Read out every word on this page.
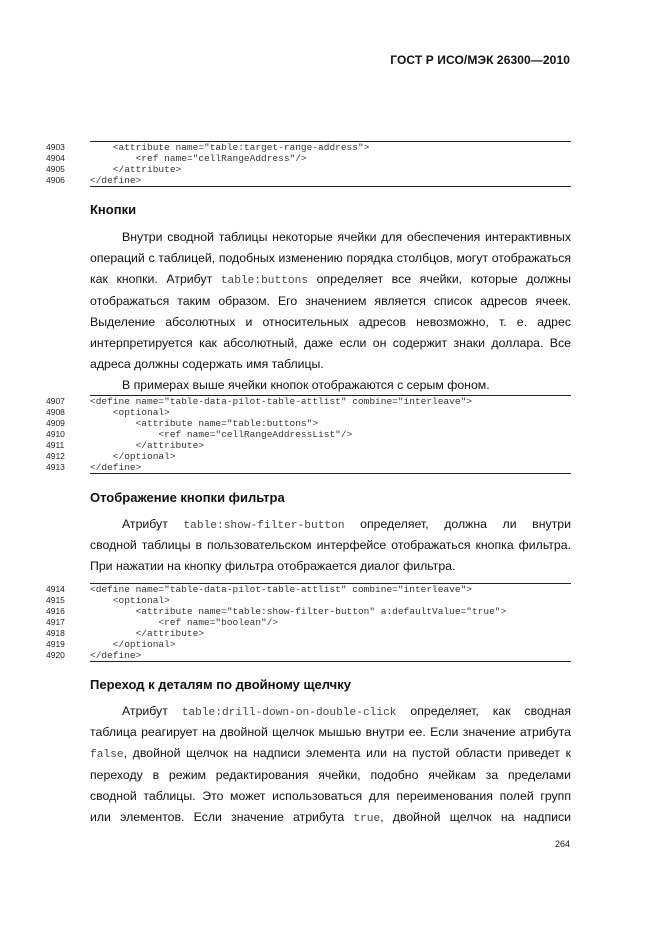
ГОСТ Р ИСО/МЭК 26300—2010
4903	<attribute name="table:target-range-address">
4904	<ref name="cellRangeAddress"/>
4905	</attribute>
4906	</define>
Кнопки
Внутри сводной таблицы некоторые ячейки для обеспечения интерактивных
операций с таблицей, подобных изменению порядка столбцов, могут отображаться
как кнопки. Атрибут table:buttons определяет все ячейки, которые должны
отображаться таким образом. Его значением является список адресов ячеек.
Выделение абсолютных и относительных адресов невозможно, т. е. адрес
интерпретируется как абсолютный, даже если он содержит знаки доллара. Все
адреса должны содержать имя таблицы.
В примерах выше ячейки кнопок отображаются с серым фоном.
4907	<define name="table-data-pilot-table-attlist" combine="interleave">
4908	<optional>
4909	<attribute name="table:buttons">
4910	<ref name="cellRangeAddressList"/>
4911	</attribute>
4912	</optional>
4913	</define>
Отображение кнопки фильтра
Атрибут table:show-filter-button определяет, должна ли внутри
сводной таблицы в пользовательском интерфейсе отображаться кнопка фильтра.
При нажатии на кнопку фильтра отображается диалог фильтра.
4914	<define name="table-data-pilot-table-attlist" combine="interleave">
4915	<optional>
4916	<attribute name="table:show-filter-button" a:defaultValue="true">
4917	<ref name="boolean"/>
4918	</attribute>
4919	</optional>
4920	</define>
Переход к деталям по двойному щелчку
Атрибут table:drill-down-on-double-click определяет, как сводная
таблица реагирует на двойной щелчок мышью внутри ее. Если значение атрибута
false, двойной щелчок на надписи элемента или на пустой области приведет к
переходу в режим редактирования ячейки, подобно ячейкам за пределами
сводной таблицы. Это может использоваться для переименования полей групп
или элементов. Если значение атрибута true, двойной щелчок на надписи
264
